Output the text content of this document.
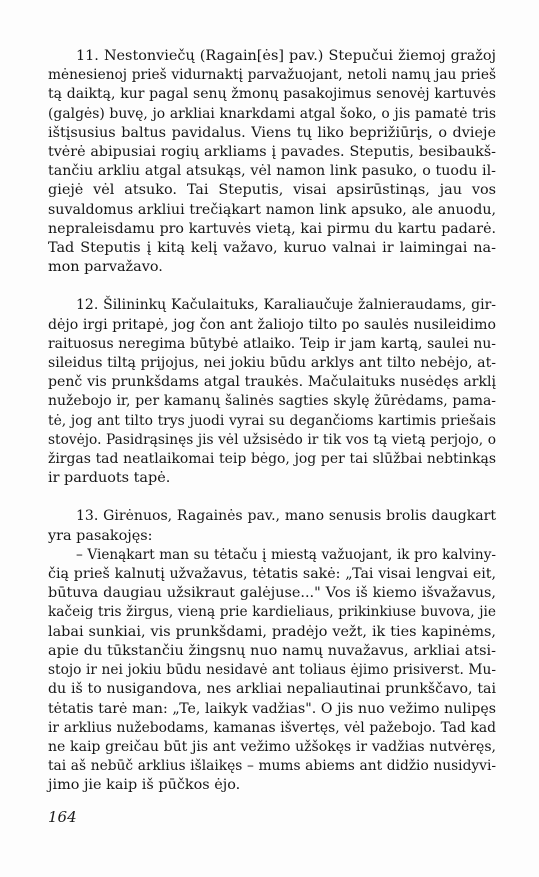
11. Nestonviečų (Ragain[ės] pav.) Stepučui žiemoj gražoj
mėnesienoj prieš vidurnaktį parvažuojant, netoli namų jau prieš
tą daiktą, kur pagal senų žmonų pasakojimus senovėj kartuvės
(galgės) buvę, jo arkliai knarkdami atgal šoko, o jis pamatė tris
ištįsusius baltus pavidalus. Viens tų liko beprižiūrįs, o dvieje
tvėrė abipusiai rogių arkliams į pavades. Steputis, besibaukš-
tančiu arkliu atgal atsukąs, vėl namon link pasuko, o tuodu il-
giejė vėl atsuko. Tai Steputis, visai apsirūstinąs, jau vos
suvaldomus arkliui trečiąkart namon link apsuko, ale anuodu,
nepraleisdamu pro kartuvės vietą, kai pirmu du kartu padarė.
Tad Steputis į kitą kelį važavo, kuruo valnai ir laimingai na-
mon parvažavo.

12. Šilininkų Kačulaituks, Karaliaučuje žalnieraudams, gir-
dėjo irgi pritapė, jog čon ant žaliojo tilto po saulės nusileidimo
raituosus neregima būtybė atlaiko. Teip ir jam kartą, saulei nu-
sileidus tiltą prijojus, nei jokiu būdu arklys ant tilto nebėjo, at-
penč vis prunkšdams atgal traukės. Mačulaituks nusėdęs arklį
nužebojo ir, per kamanų šalinės sagties skylę žūrėdams, pama-
tė, jog ant tilto trys juodi vyrai su degančioms kartimis priešais
stovėjo. Pasidrąsinęs jis vėl užsisėdo ir tik vos tą vietą perjojo, o
žirgas tad neatlaikomai teip bėgo, jog per tai slūžbai nebtinkąs
ir parduots tapė.

13. Girėnuos, Ragainės pav., mano senusis brolis daugkart
yra pasakojęs:

– Vienąkart man su tėtaču į miestą važuojant, ik pro kalviny-
čią prieš kalnutį užvažavus, tėtatis sakė: „Tai visai lengvai eit,
būtuva daugiau užsikraut galėjuse..." Vos iš kiemo išvažavus,
kačeig tris žirgus, vieną prie kardieliaus, prikinkiuse buvova, jie
labai sunkiai, vis prunkšdami, pradėjo vežt, ik ties kapinėms,
apie du tūkstančiu žingsnų nuo namų nuvažavus, arkliai atsi-
stojo ir nei jokiu būdu nesidavė ant toliaus ėjimo prisiverst. Mu-
du iš to nusigandova, nes arkliai nepaliautinai prunkščavo, tai
tėtatis tarė man: „Te, laikyk vadžias". O jis nuo vežimo nulipęs
ir arklius nužebodams, kamanas išvertęs, vėl pažebojo. Tad kad
ne kaip greičau būt jis ant vežimo užšokęs ir vadžias nutvėręs,
tai aš nebūč arklius išlaikęs – mums abiems ant didžio nusidyvi-
jimo jie kaip iš pūčkos ėjo.

164
